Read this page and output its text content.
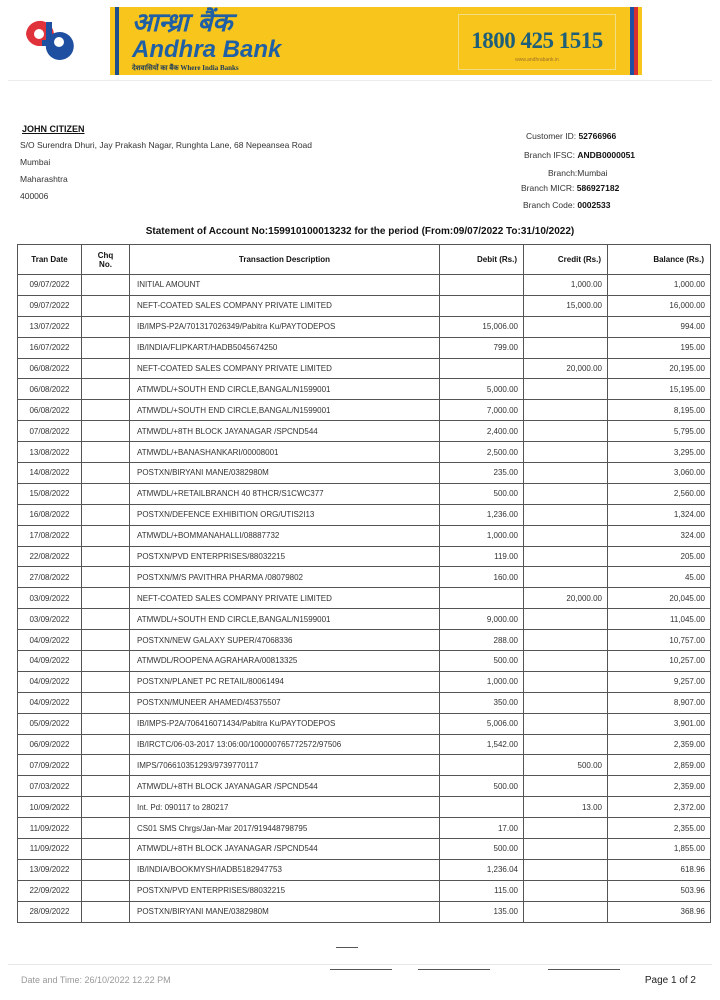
आन्ध्रा बैंक
Andhra Bank
देशवासियों का बैंक Where India Banks
1800 425 1515
www.andhrabank.in
JOHN CITIZEN
S/O Surendra Dhuri, Jay Prakash Nagar, Runghta Lane, 68 Nepeansea Road
Mumbai
Maharashtra
400006
Customer ID: 52766966
Branch IFSC: ANDB0000051
Branch:Mumbai
Branch MICR: 586927182
Branch Code: 0002533
Statement of Account No:159910100013232 for the period (From:09/07/2022 To:31/10/2022)
Tran Date	Chq No.	Transaction Description	Debit (Rs.)	Credit (Rs.)	Balance (Rs.)
09/07/2022		INITIAL AMOUNT		1,000.00	1,000.00
09/07/2022		NEFT-COATED SALES COMPANY PRIVATE LIMITED		15,000.00	16,000.00
13/07/2022		IB/IMPS-P2A/701317026349/Pabitra Ku/PAYTODEPOS	15,006.00		994.00
16/07/2022		IB/INDIA/FLIPKART/HADB5045674250	799.00		195.00
06/08/2022		NEFT-COATED SALES COMPANY PRIVATE LIMITED		20,000.00	20,195.00
06/08/2022		ATMWDL/+SOUTH END CIRCLE,BANGAL/N1599001	5,000.00		15,195.00
06/08/2022		ATMWDL/+SOUTH END CIRCLE,BANGAL/N1599001	7,000.00		8,195.00
07/08/2022		ATMWDL/+8TH BLOCK JAYANAGAR /SPCND544	2,400.00		5,795.00
13/08/2022		ATMWDL/+BANASHANKARI/00008001	2,500.00		3,295.00
14/08/2022		POSTXN/BIRYANI MANE/0382980M	235.00		3,060.00
15/08/2022		ATMWDL/+RETAILBRANCH 40 8THCR/S1CWC377	500.00		2,560.00
16/08/2022		POSTXN/DEFENCE EXHIBITION ORG/UTIS2I13	1,236.00		1,324.00
17/08/2022		ATMWDL/+BOMMANAHALLI/08887732	1,000.00		324.00
22/08/2022		POSTXN/PVD ENTERPRISES/88032215	119.00		205.00
27/08/2022		POSTXN/M/S PAVITHRA PHARMA /08079802	160.00		45.00
03/09/2022		NEFT-COATED SALES COMPANY PRIVATE LIMITED		20,000.00	20,045.00
03/09/2022		ATMWDL/+SOUTH END CIRCLE,BANGAL/N1599001	9,000.00		11,045.00
04/09/2022		POSTXN/NEW GALAXY SUPER/47068336	288.00		10,757.00
04/09/2022		ATMWDL/ROOPENA AGRAHARA/00813325	500.00		10,257.00
04/09/2022		POSTXN/PLANET PC RETAIL/80061494	1,000.00		9,257.00
04/09/2022		POSTXN/MUNEER AHAMED/45375507	350.00		8,907.00
05/09/2022		IB/IMPS-P2A/706416071434/Pabitra Ku/PAYTODEPOS	5,006.00		3,901.00
06/09/2022		IB/IRCTC/06-03-2017 13:06:00/100000765772572/97506	1,542.00		2,359.00
07/09/2022		IMPS/706610351293/9739770117		500.00	2,859.00
07/03/2022		ATMWDL/+8TH BLOCK JAYANAGAR /SPCND544	500.00		2,359.00
10/09/2022		Int. Pd: 090117 to 280217		13.00	2,372.00
11/09/2022		CS01 SMS Chrgs/Jan-Mar 2017/919448798795	17.00		2,355.00
11/09/2022		ATMWDL/+8TH BLOCK JAYANAGAR /SPCND544	500.00		1,855.00
13/09/2022		IB/INDIA/BOOKMYSH/IADB5182947753	1,236.04		618.96
22/09/2022		POSTXN/PVD ENTERPRISES/88032215	115.00		503.96
28/09/2022		POSTXN/BIRYANI MANE/0382980M	135.00		368.96
Date and Time: 26/10/2022 12.22 PM	Page 1 of 2
